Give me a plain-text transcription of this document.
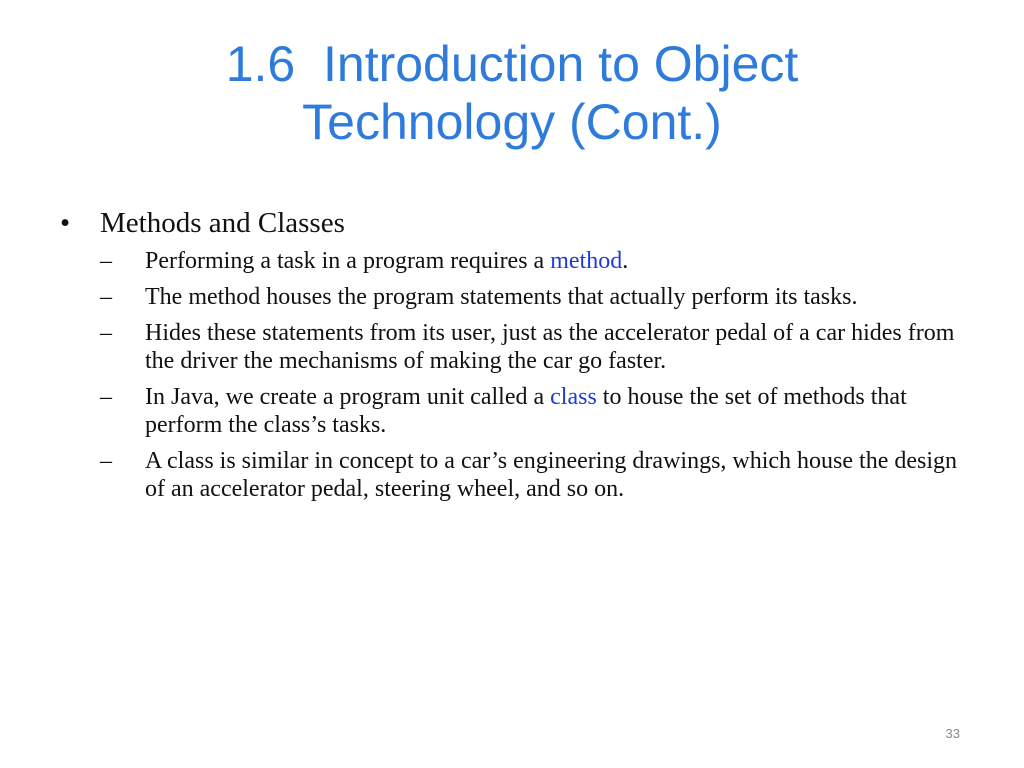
1.6  Introduction to Object
Technology (Cont.)
•	Methods and Classes
–	Performing a task in a program requires a method.
–	The method houses the program statements that actually perform its tasks.
–	Hides these statements from its user, just as the accelerator pedal of a car hides from the driver the mechanisms of making the car go faster.
–	In Java, we create a program unit called a class to house the set of methods that perform the class’s tasks.
–	A class is similar in concept to a car’s engineering drawings, which house the design of an accelerator pedal, steering wheel, and so on.
33
